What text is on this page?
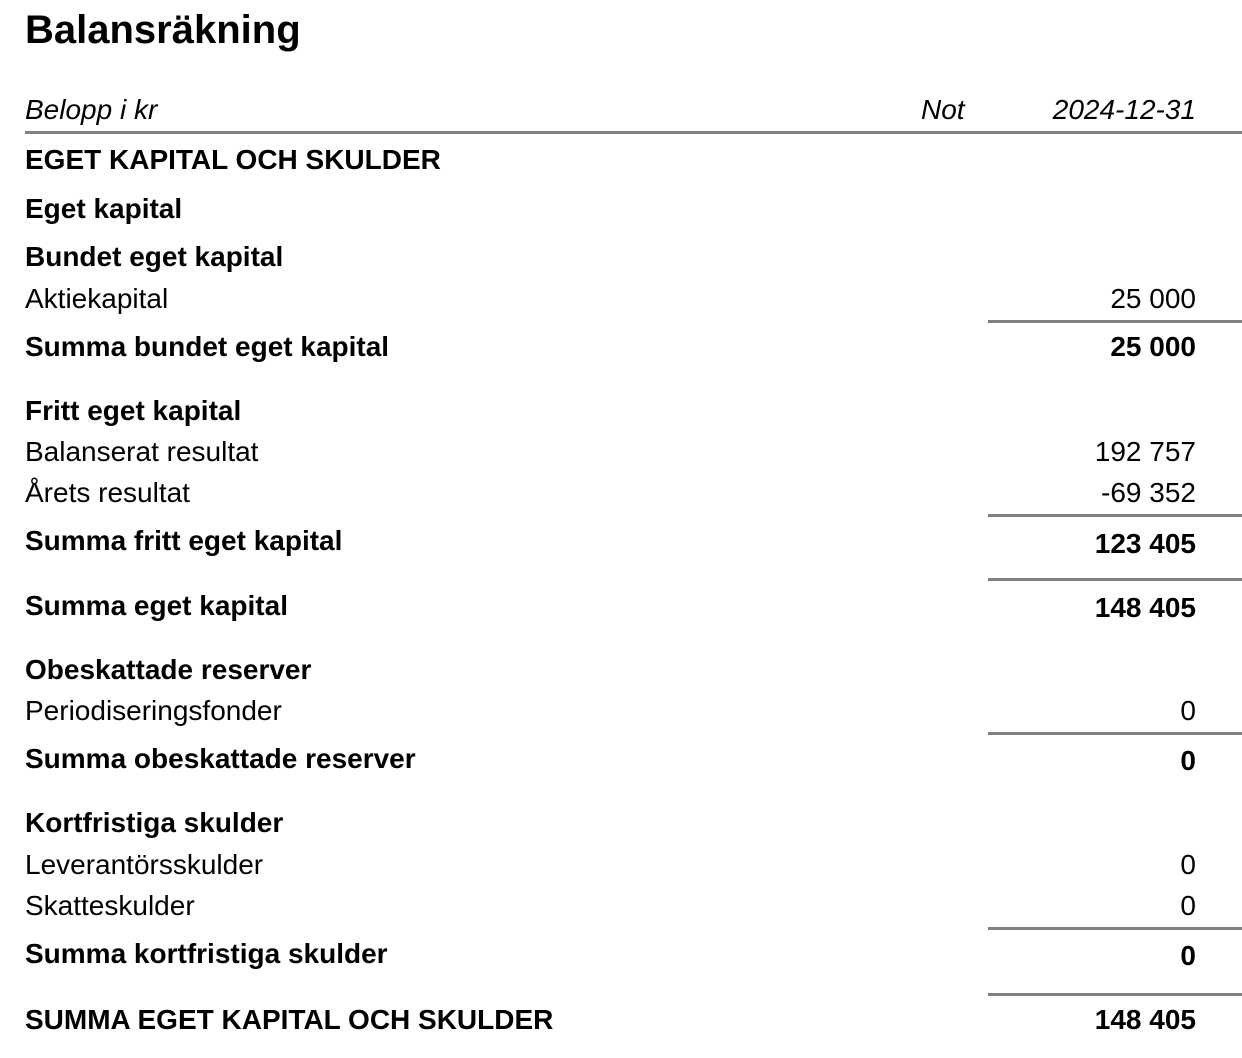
Balansräkning
Belopp i kr	Not	2024-12-31
EGET KAPITAL OCH SKULDER
Eget kapital
Bundet eget kapital
Aktiekapital	25 000
Summa bundet eget kapital	25 000
Fritt eget kapital
Balanserat resultat	192 757
Årets resultat	-69 352
Summa fritt eget kapital	123 405
Summa eget kapital	148 405
Obeskattade reserver
Periodiseringsfonder	0
Summa obeskattade reserver	0
Kortfristiga skulder
Leverantörsskulder	0
Skatteskulder	0
Summa kortfristiga skulder	0
SUMMA EGET KAPITAL OCH SKULDER	148 405
